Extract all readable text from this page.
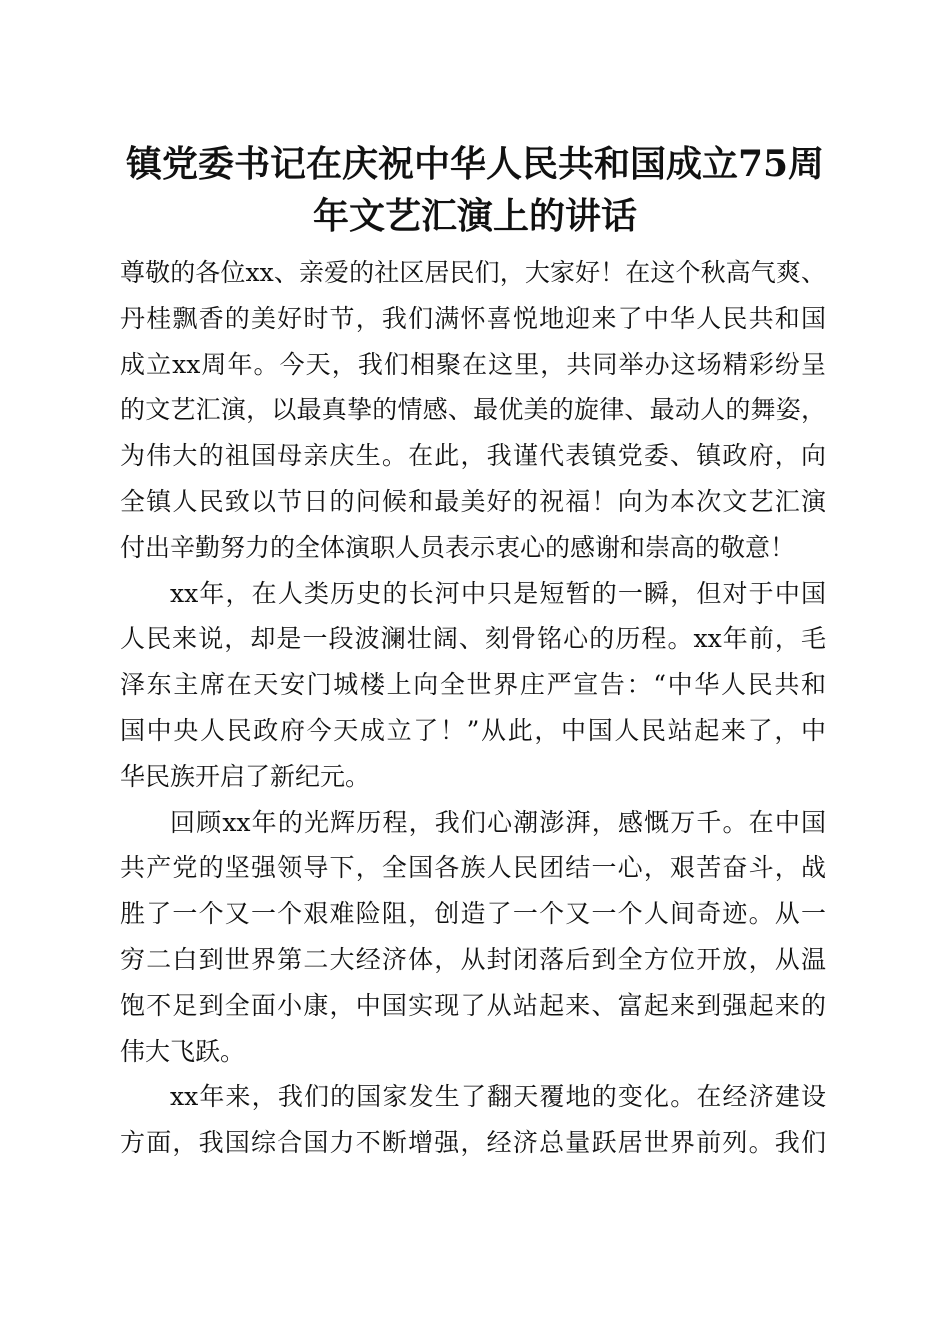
镇党委书记在庆祝中华人民共和国成立75周
年文艺汇演上的讲话
尊敬的各位xx、亲爱的社区居民们，大家好！在这个秋高气爽、
丹桂飘香的美好时节，我们满怀喜悦地迎来了中华人民共和国
成立xx周年。今天，我们相聚在这里，共同举办这场精彩纷呈
的文艺汇演，以最真挚的情感、最优美的旋律、最动人的舞姿，
为伟大的祖国母亲庆生。在此，我谨代表镇党委、镇政府，向
全镇人民致以节日的问候和最美好的祝福！向为本次文艺汇演
付出辛勤努力的全体演职人员表示衷心的感谢和崇高的敬意！
xx年，在人类历史的长河中只是短暂的一瞬，但对于中国
人民来说，却是一段波澜壮阔、刻骨铭心的历程。xx年前，毛
泽东主席在天安门城楼上向全世界庄严宣告：“中华人民共和
国中央人民政府今天成立了！”从此，中国人民站起来了，中
华民族开启了新纪元。
回顾xx年的光辉历程，我们心潮澎湃，感慨万千。在中国
共产党的坚强领导下，全国各族人民团结一心，艰苦奋斗，战
胜了一个又一个艰难险阻，创造了一个又一个人间奇迹。从一
穷二白到世界第二大经济体，从封闭落后到全方位开放，从温
饱不足到全面小康，中国实现了从站起来、富起来到强起来的
伟大飞跃。
xx年来，我们的国家发生了翻天覆地的变化。在经济建设
方面，我国综合国力不断增强，经济总量跃居世界前列。我们
